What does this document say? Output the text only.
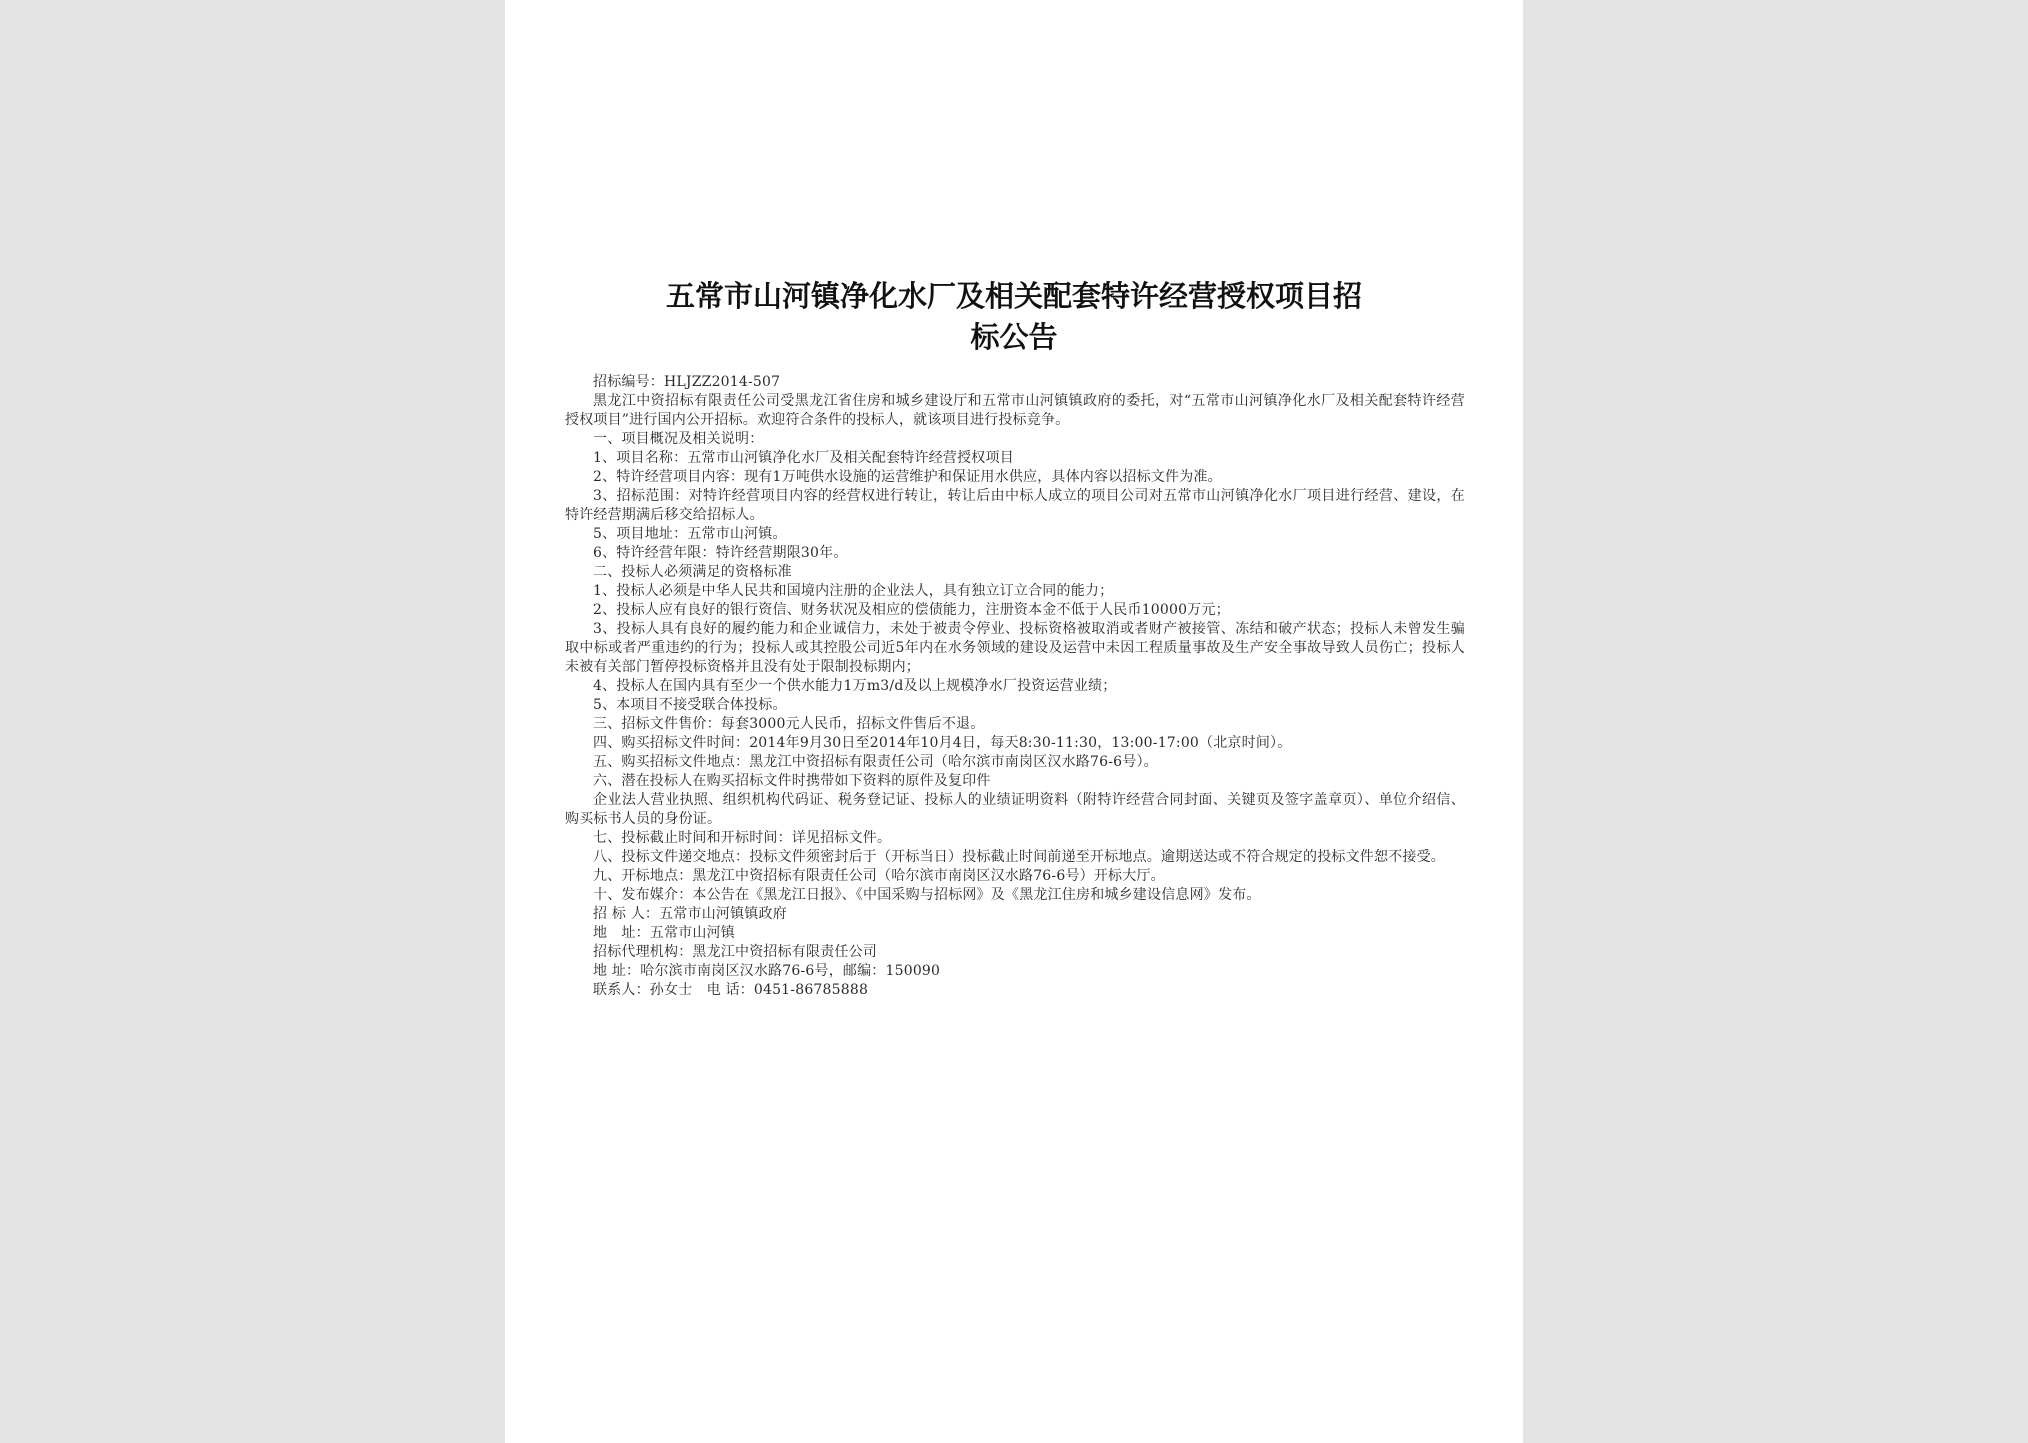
五常市山河镇净化水厂及相关配套特许经营授权项目招
标公告

招标编号：HLJZZ2014-507

黑龙江中资招标有限责任公司受黑龙江省住房和城乡建设厅和五常市山河镇镇政府的委托，对“五常市山河镇净化水厂及相关配套特许经营授权项目”进行国内公开招标。欢迎符合条件的投标人，就该项目进行投标竞争。

一、项目概况及相关说明：

1、项目名称：五常市山河镇净化水厂及相关配套特许经营授权项目

2、特许经营项目内容：现有1万吨供水设施的运营维护和保证用水供应，具体内容以招标文件为准。

3、招标范围：对特许经营项目内容的经营权进行转让，转让后由中标人成立的项目公司对五常市山河镇净化水厂项目进行经营、建设，在特许经营期满后移交给招标人。

5、项目地址：五常市山河镇。

6、特许经营年限：特许经营期限30年。

二、投标人必须满足的资格标准

1、投标人必须是中华人民共和国境内注册的企业法人，具有独立订立合同的能力；

2、投标人应有良好的银行资信、财务状况及相应的偿债能力，注册资本金不低于人民币10000万元；

3、投标人具有良好的履约能力和企业诚信力，未处于被责令停业、投标资格被取消或者财产被接管、冻结和破产状态；投标人未曾发生骗取中标或者严重违约的行为；投标人或其控股公司近5年内在水务领域的建设及运营中未因工程质量事故及生产安全事故导致人员伤亡；投标人未被有关部门暂停投标资格并且没有处于限制投标期内；

4、投标人在国内具有至少一个供水能力1万m3/d及以上规模净水厂投资运营业绩；

5、本项目不接受联合体投标。

三、招标文件售价：每套3000元人民币，招标文件售后不退。

四、购买招标文件时间：2014年9月30日至2014年10月4日，每天8:30-11:30，13:00-17:00（北京时间）。

五、购买招标文件地点：黑龙江中资招标有限责任公司（哈尔滨市南岗区汉水路76-6号）。

六、潜在投标人在购买招标文件时携带如下资料的原件及复印件

企业法人营业执照、组织机构代码证、税务登记证、投标人的业绩证明资料（附特许经营合同封面、关键页及签字盖章页）、单位介绍信、购买标书人员的身份证。

七、投标截止时间和开标时间：详见招标文件。

八、投标文件递交地点：投标文件须密封后于（开标当日）投标截止时间前递至开标地点。逾期送达或不符合规定的投标文件恕不接受。

九、开标地点：黑龙江中资招标有限责任公司（哈尔滨市南岗区汉水路76-6号）开标大厅。

十、发布媒介：本公告在《黑龙江日报》、《中国采购与招标网》及《黑龙江住房和城乡建设信息网》发布。

招 标 人：五常市山河镇镇政府

地　址：五常市山河镇

招标代理机构：黑龙江中资招标有限责任公司

地 址：哈尔滨市南岗区汉水路76-6号，邮编：150090

联系人：孙女士　电 话：0451-86785888
